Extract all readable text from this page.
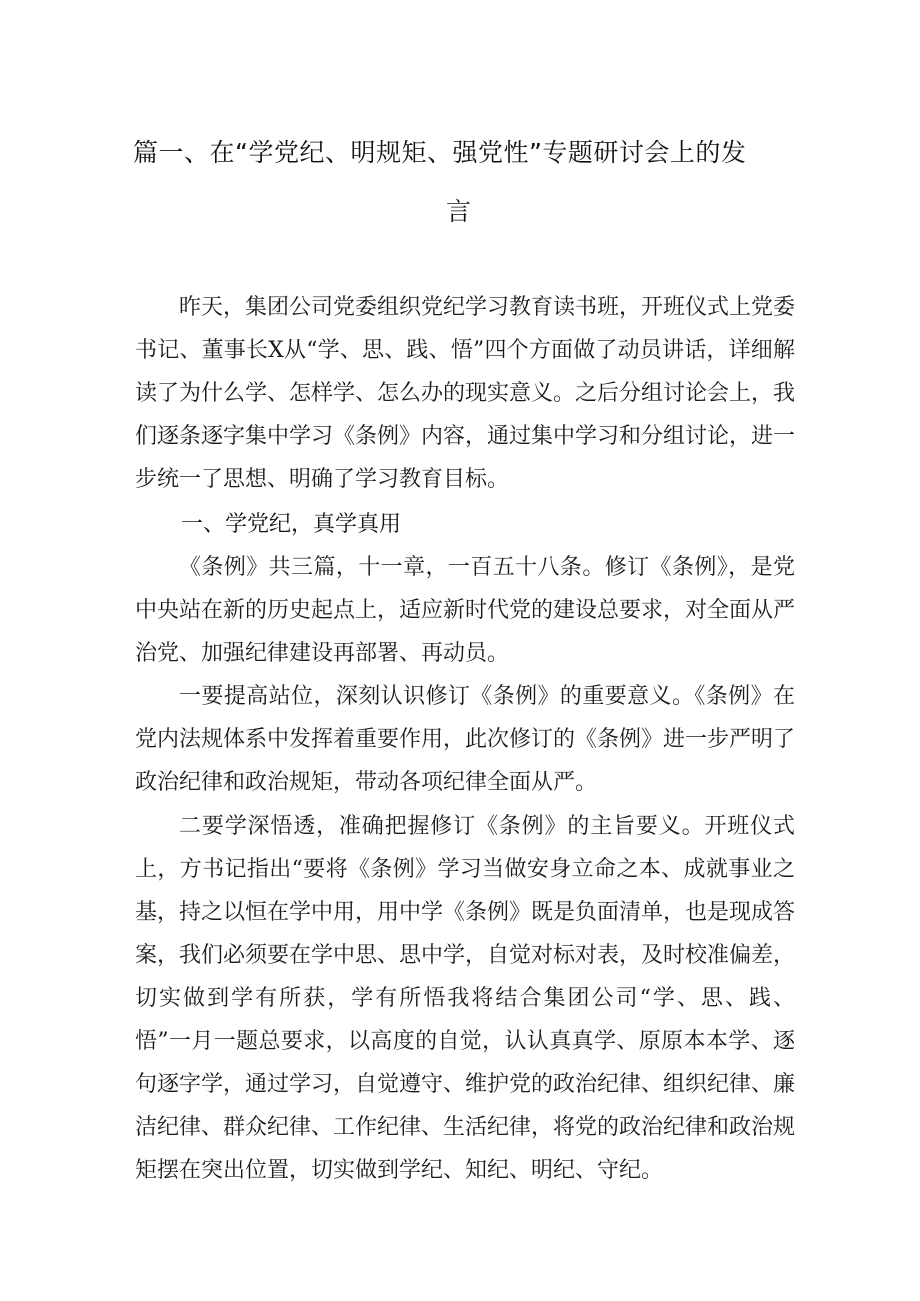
篇一、在“学党纪、明规矩、强党性”专题研讨会上的发
言
昨天，集团公司党委组织党纪学习教育读书班，开班仪式上党委书记、董事长X从“学、思、践、悟”四个方面做了动员讲话，详细解读了为什么学、怎样学、怎么办的现实意义。之后分组讨论会上，我们逐条逐字集中学习《条例》内容，通过集中学习和分组讨论，进一步统一了思想、明确了学习教育目标。
一、学党纪，真学真用
《条例》共三篇，十一章，一百五十八条。修订《条例》，是党中央站在新的历史起点上，适应新时代党的建设总要求，对全面从严治党、加强纪律建设再部署、再动员。
一要提高站位，深刻认识修订《条例》的重要意义。《条例》在党内法规体系中发挥着重要作用，此次修订的《条例》进一步严明了政治纪律和政治规矩，带动各项纪律全面从严。
二要学深悟透，准确把握修订《条例》的主旨要义。开班仪式上，方书记指出“要将《条例》学习当做安身立命之本、成就事业之基，持之以恒在学中用，用中学《条例》既是负面清单，也是现成答案，我们必须要在学中思、思中学，自觉对标对表，及时校准偏差，切实做到学有所获，学有所悟我将结合集团公司“学、思、践、悟”一月一题总要求，以高度的自觉，认认真真学、原原本本学、逐句逐字学，通过学习，自觉遵守、维护党的政治纪律、组织纪律、廉洁纪律、群众纪律、工作纪律、生活纪律，将党的政治纪律和政治规矩摆在突出位置，切实做到学纪、知纪、明纪、守纪。
